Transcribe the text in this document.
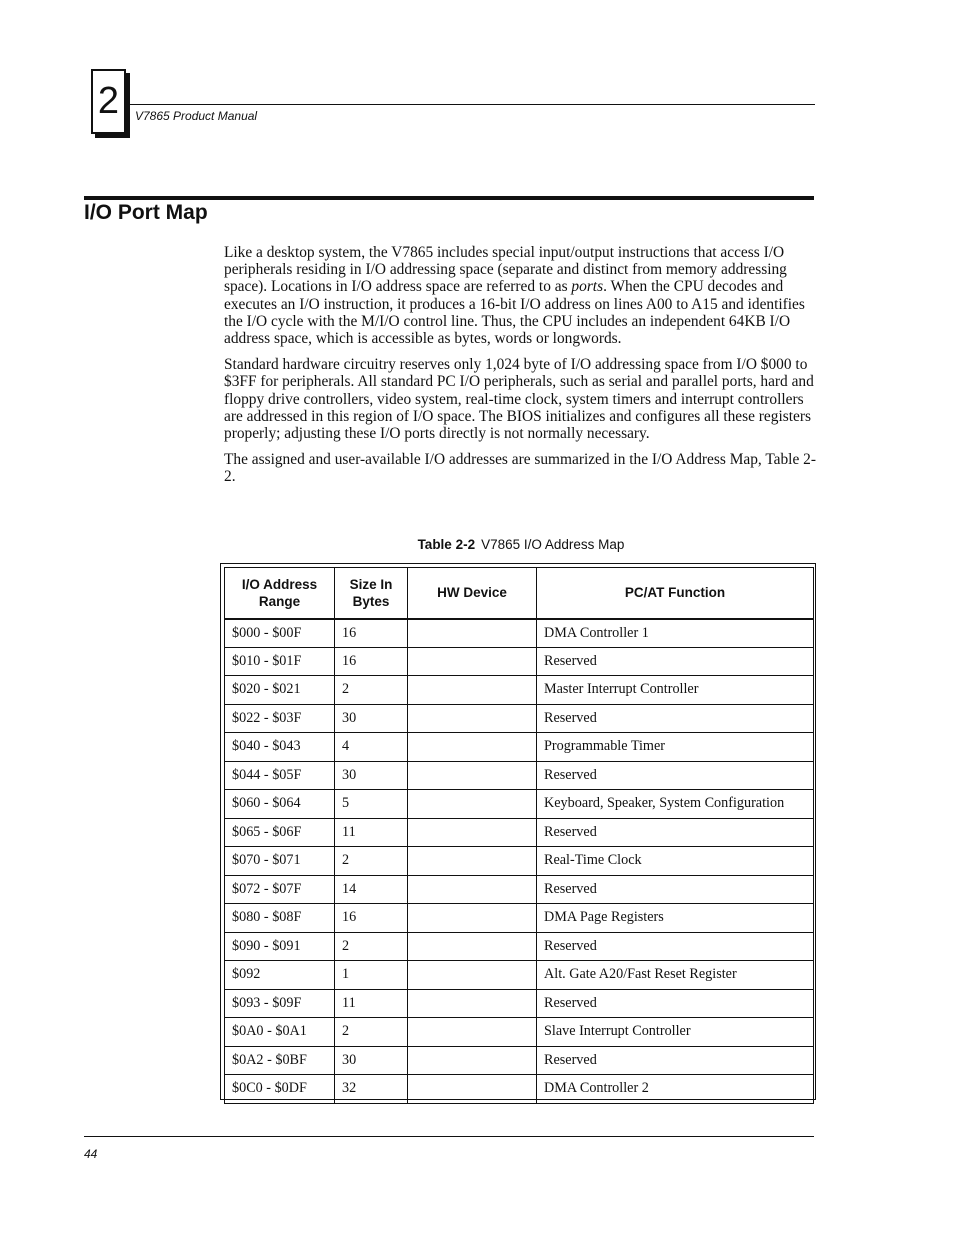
2 V7865 Product Manual
I/O Port Map

Like a desktop system, the V7865 includes special input/output instructions that access I/O peripherals residing in I/O addressing space (separate and distinct from memory addressing space). Locations in I/O address space are referred to as ports. When the CPU decodes and executes an I/O instruction, it produces a 16-bit I/O address on lines A00 to A15 and identifies the I/O cycle with the M/I/O control line. Thus, the CPU includes an independent 64KB I/O address space, which is accessible as bytes, words or longwords.

Standard hardware circuitry reserves only 1,024 byte of I/O addressing space from I/O $000 to $3FF for peripherals. All standard PC I/O peripherals, such as serial and parallel ports, hard and floppy drive controllers, video system, real-time clock, system timers and interrupt controllers are addressed in this region of I/O space. The BIOS initializes and configures all these registers properly; adjusting these I/O ports directly is not normally necessary.

The assigned and user-available I/O addresses are summarized in the I/O Address Map, Table 2-2.

Table 2-2 V7865 I/O Address Map
I/O Address Range	Size In Bytes	HW Device	PC/AT Function
$000 - $00F	16		DMA Controller 1
$010 - $01F	16		Reserved
$020 - $021	2		Master Interrupt Controller
$022 - $03F	30		Reserved
$040 - $043	4		Programmable Timer
$044 - $05F	30		Reserved
$060 - $064	5		Keyboard, Speaker, System Configuration
$065 - $06F	11		Reserved
$070 - $071	2		Real-Time Clock
$072 - $07F	14		Reserved
$080 - $08F	16		DMA Page Registers
$090 - $091	2		Reserved
$092	1		Alt. Gate A20/Fast Reset Register
$093 - $09F	11		Reserved
$0A0 - $0A1	2		Slave Interrupt Controller
$0A2 - $0BF	30		Reserved
$0C0 - $0DF	32		DMA Controller 2
44
